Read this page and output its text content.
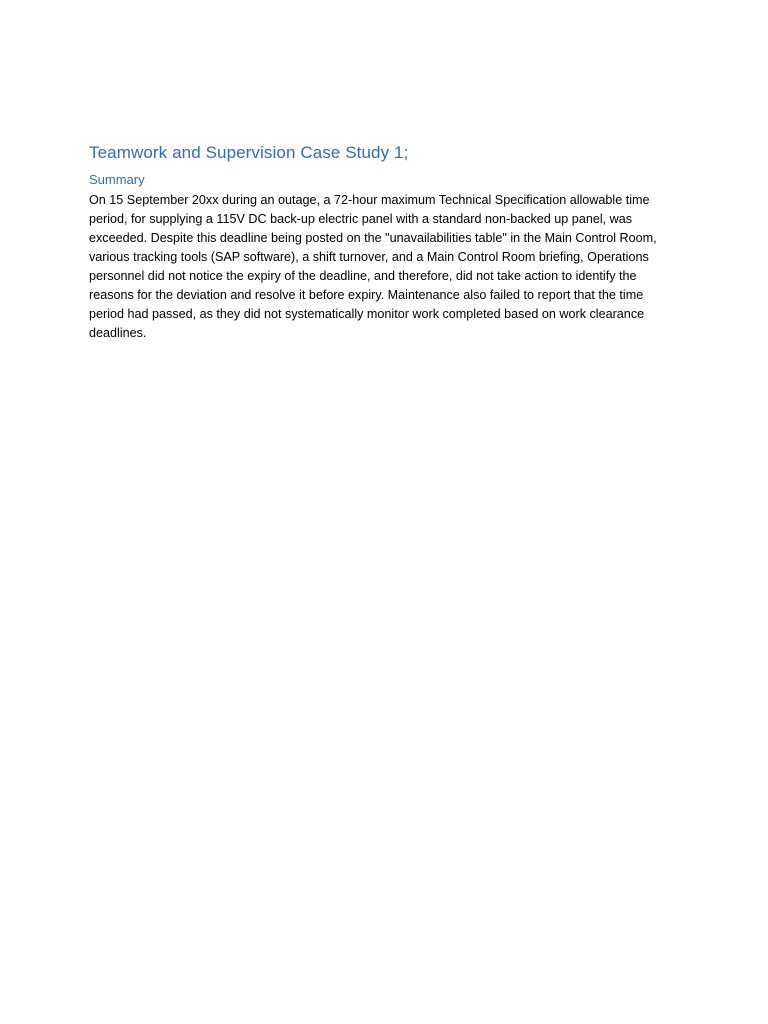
Teamwork and Supervision Case Study 1;
Summary

On 15 September 20xx during an outage, a 72-hour maximum Technical Specification allowable time period, for supplying a 115V DC back-up electric panel with a standard non-backed up panel, was exceeded. Despite this deadline being posted on the "unavailabilities table" in the Main Control Room, various tracking tools (SAP software), a shift turnover, and a Main Control Room briefing, Operations personnel did not notice the expiry of the deadline, and therefore, did not take action to identify the reasons for the deviation and resolve it before expiry. Maintenance also failed to report that the time period had passed, as they did not systematically monitor work completed based on work clearance deadlines.
